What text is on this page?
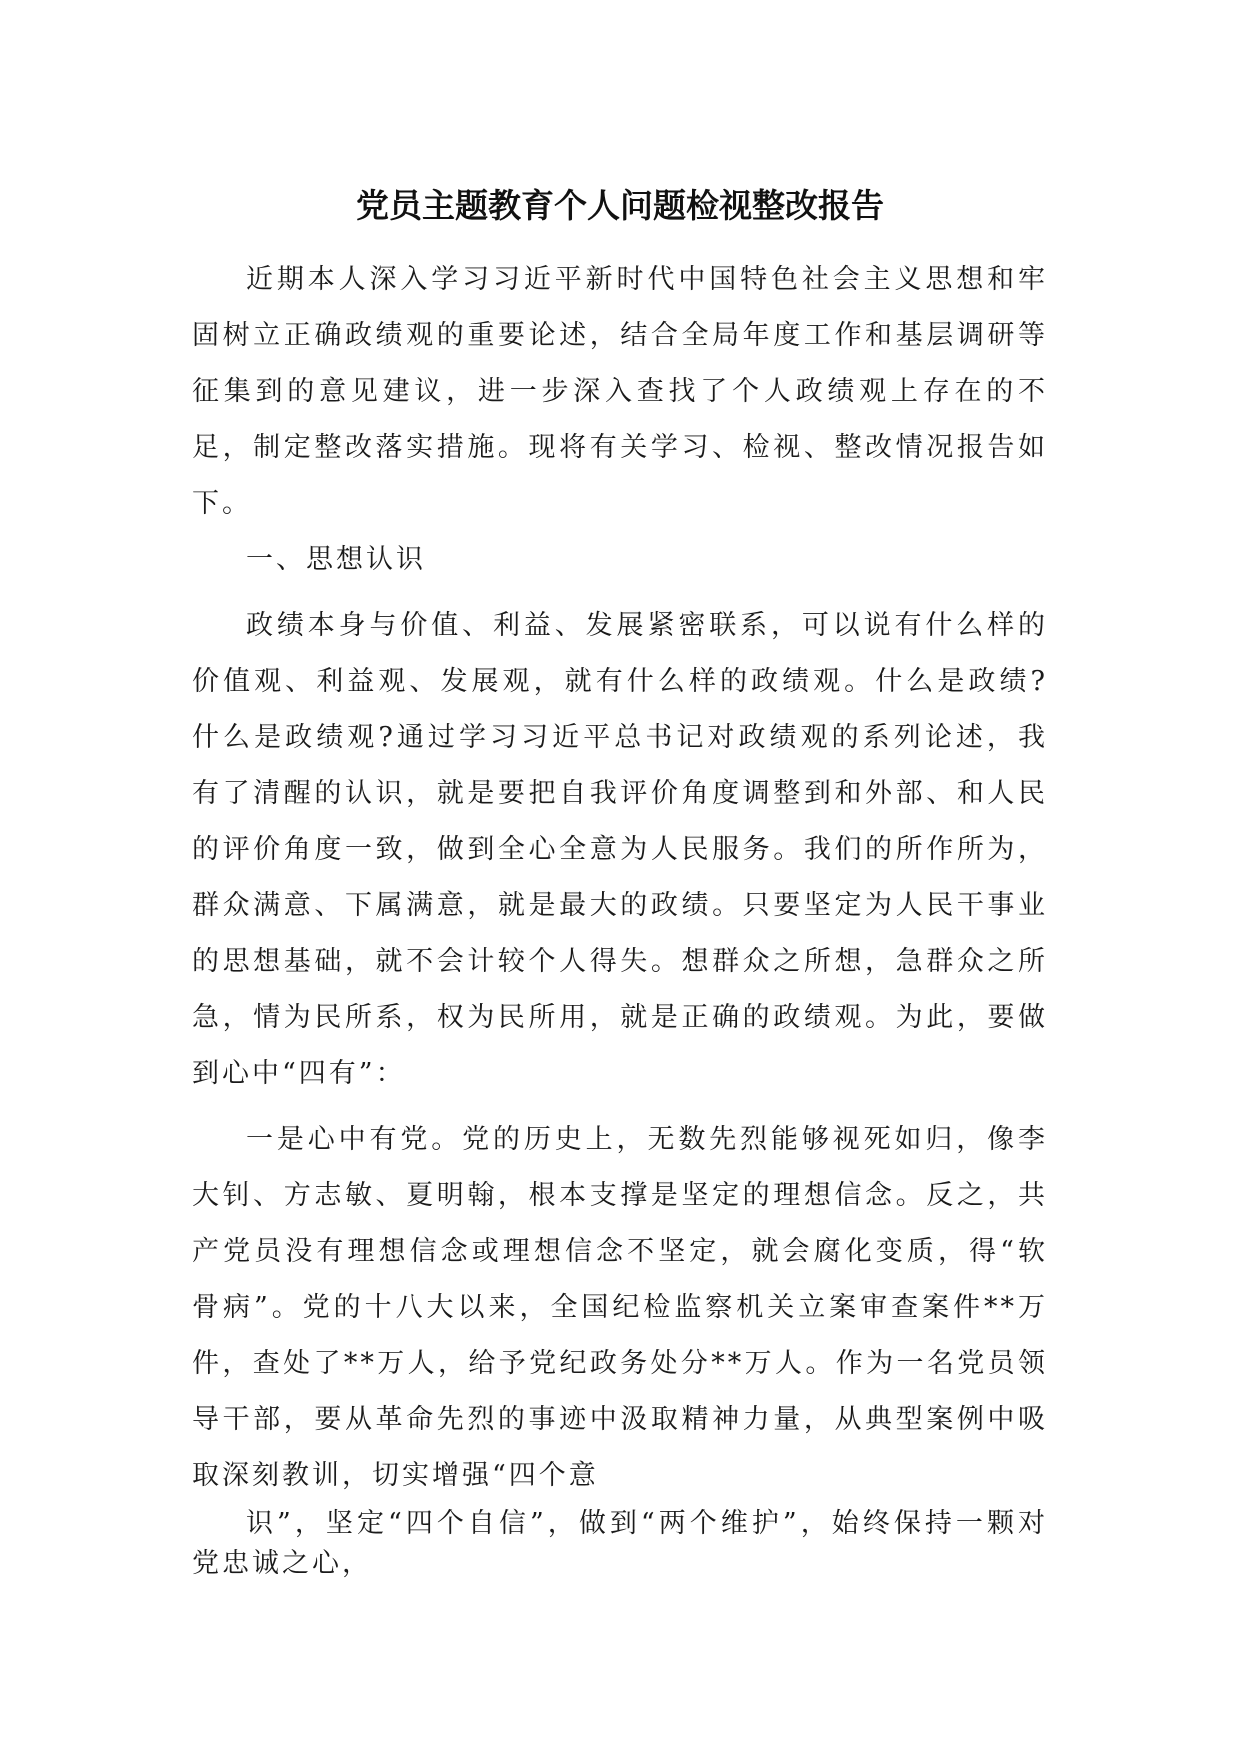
党员主题教育个人问题检视整改报告

近期本人深入学习习近平新时代中国特色社会主义思想和牢固树立正确政绩观的重要论述，结合全局年度工作和基层调研等征集到的意见建议，进一步深入查找了个人政绩观上存在的不足，制定整改落实措施。现将有关学习、检视、整改情况报告如下。

一、思想认识

政绩本身与价值、利益、发展紧密联系，可以说有什么样的价值观、利益观、发展观，就有什么样的政绩观。什么是政绩?什么是政绩观?通过学习习近平总书记对政绩观的系列论述，我有了清醒的认识，就是要把自我评价角度调整到和外部、和人民的评价角度一致，做到全心全意为人民服务。我们的所作所为，群众满意、下属满意，就是最大的政绩。只要坚定为人民干事业的思想基础，就不会计较个人得失。想群众之所想，急群众之所急，情为民所系，权为民所用，就是正确的政绩观。为此，要做到心中“四有”：

一是心中有党。党的历史上，无数先烈能够视死如归，像李大钊、方志敏、夏明翰，根本支撑是坚定的理想信念。反之，共产党员没有理想信念或理想信念不坚定，就会腐化变质，得“软骨病”。党的十八大以来，全国纪检监察机关立案审查案件**万件，查处了**万人，给予党纪政务处分**万人。作为一名党员领导干部，要从革命先烈的事迹中汲取精神力量，从典型案例中吸取深刻教训，切实增强“四个意

识”，坚定“四个自信”，做到“两个维护”，始终保持一颗对党忠诚之心，
